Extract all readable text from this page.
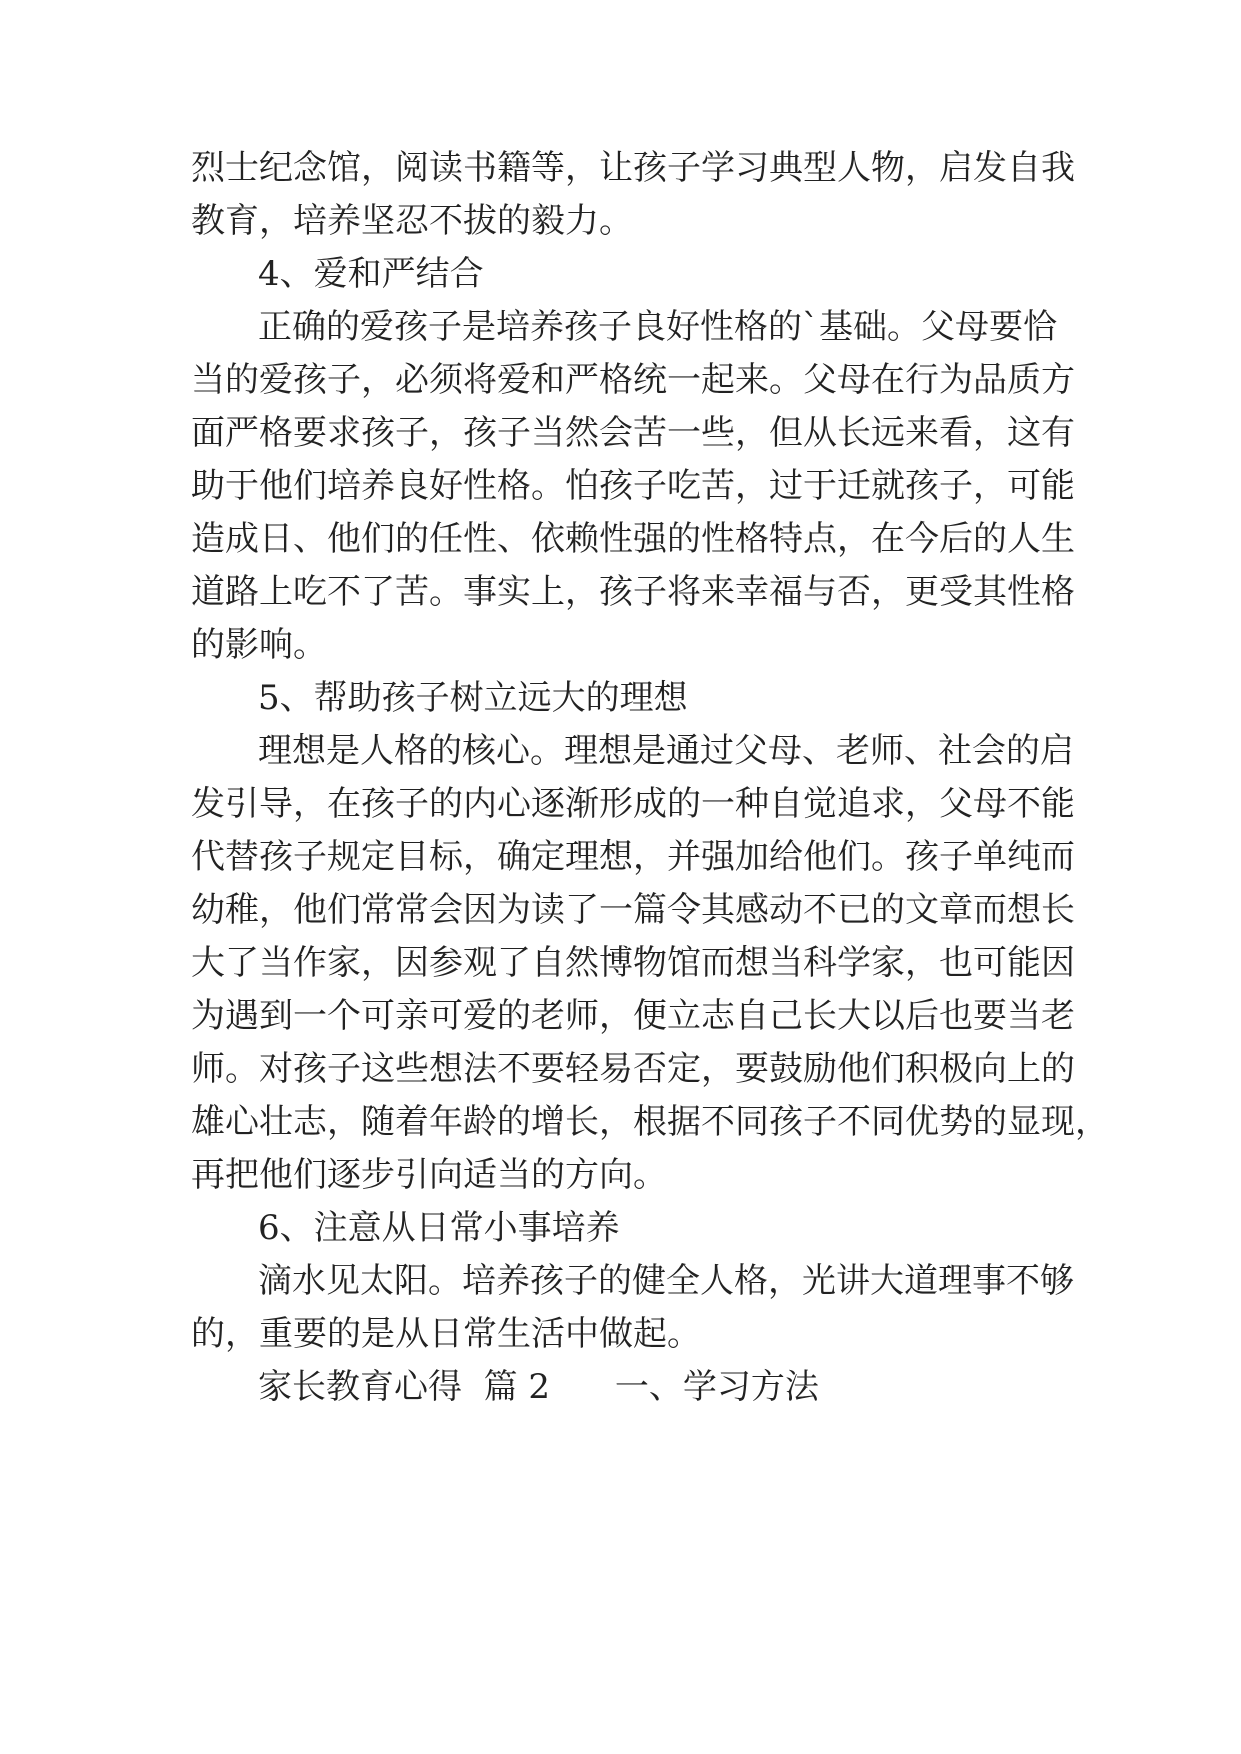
烈士纪念馆，阅读书籍等，让孩子学习典型人物，启发自我
教育，培养坚忍不拔的毅力。
4、爱和严结合
正确的爱孩子是培养孩子良好性格的`基础。父母要恰
当的爱孩子，必须将爱和严格统一起来。父母在行为品质方
面严格要求孩子，孩子当然会苦一些，但从长远来看，这有
助于他们培养良好性格。怕孩子吃苦，过于迁就孩子，可能
造成日、他们的任性、依赖性强的性格特点，在今后的人生
道路上吃不了苦。事实上，孩子将来幸福与否，更受其性格
的影响。
5、帮助孩子树立远大的理想
理想是人格的核心。理想是通过父母、老师、社会的启
发引导，在孩子的内心逐渐形成的一种自觉追求，父母不能
代替孩子规定目标，确定理想，并强加给他们。孩子单纯而
幼稚，他们常常会因为读了一篇令其感动不已的文章而想长
大了当作家，因参观了自然博物馆而想当科学家，也可能因
为遇到一个可亲可爱的老师，便立志自己长大以后也要当老
师。对孩子这些想法不要轻易否定，要鼓励他们积极向上的
雄心壮志，随着年龄的增长，根据不同孩子不同优势的显现，
再把他们逐步引向适当的方向。
6、注意从日常小事培养
滴水见太阳。培养孩子的健全人格，光讲大道理事不够
的，重要的是从日常生活中做起。
家长教育心得  篇 2      一、学习方法
